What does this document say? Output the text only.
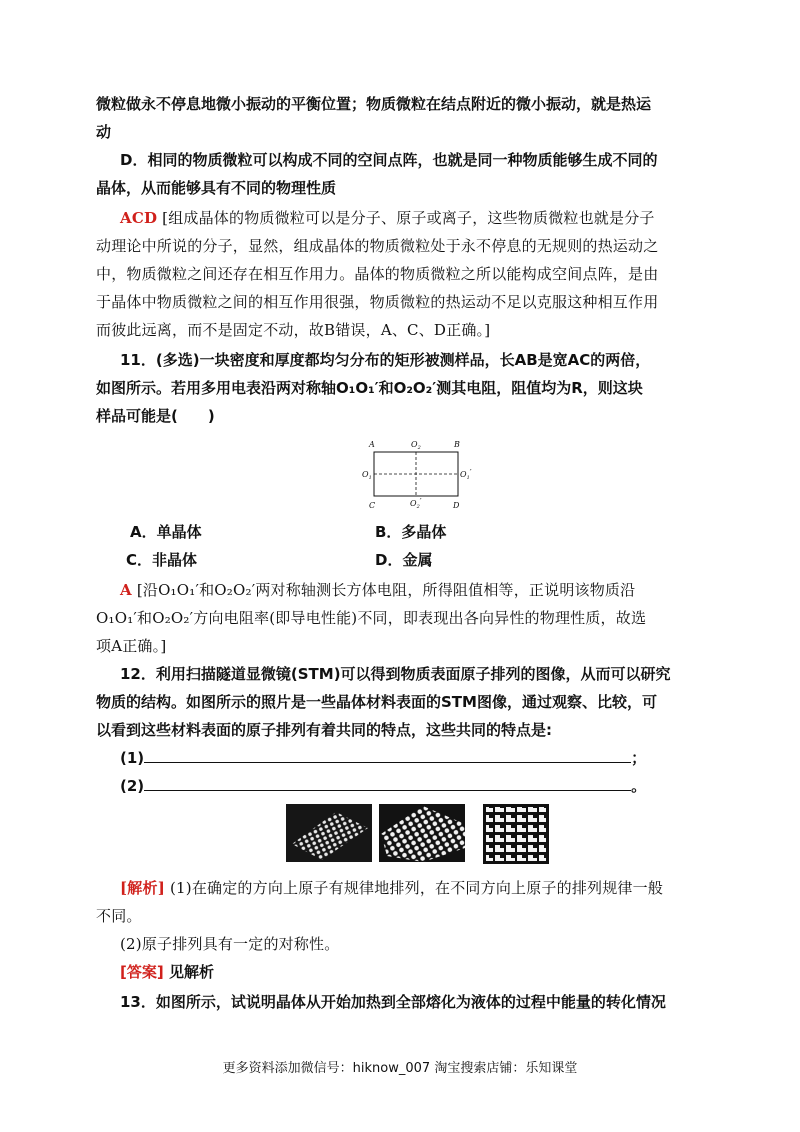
微粒做永不停息地微小振动的平衡位置；物质微粒在结点附近的微小振动，就是热运
动
D．相同的物质微粒可以构成不同的空间点阵，也就是同一种物质能够生成不同的
晶体，从而能够具有不同的物理性质
ACD [组成晶体的物质微粒可以是分子、原子或离子，这些物质微粒也就是分子
动理论中所说的分子，显然，组成晶体的物质微粒处于永不停息的无规则的热运动之
中，物质微粒之间还存在相互作用力。晶体的物质微粒之所以能构成空间点阵，是由
于晶体中物质微粒之间的相互作用很强，物质微粒的热运动不足以克服这种相互作用
而彼此远离，而不是固定不动，故B错误，A、C、D正确。]
11．(多选)一块密度和厚度都均匀分布的矩形被测样品，长AB是宽AC的两倍，
如图所示。若用多用电表沿两对称轴O₁O₁′和O₂O₂′测其电阻，阻值均为R，则这块
样品可能是(　　)
A	$O_2$	B
$O_1$	$O_1'$
C	$O_2'$	D
A．单晶体	B．多晶体
C．非晶体	D．金属
A [沿O₁O₁′和O₂O₂′两对称轴测长方体电阻，所得阻值相等，正说明该物质沿
O₁O₁′和O₂O₂′方向电阻率(即导电性能)不同，即表现出各向异性的物理性质，故选
项A正确。]
12．利用扫描隧道显微镜(STM)可以得到物质表面原子排列的图像，从而可以研究
物质的结构。如图所示的照片是一些晶体材料表面的STM图像，通过观察、比较，可
以看到这些材料表面的原子排列有着共同的特点，这些共同的特点是:
(1)	；
(2)	。
[解析] (1)在确定的方向上原子有规律地排列，在不同方向上原子的排列规律一般
不同。
(2)原子排列具有一定的对称性。
[答案] 见解析
13．如图所示，试说明晶体从开始加热到全部熔化为液体的过程中能量的转化情况
更多资料添加微信号：hiknow_007 淘宝搜索店铺：乐知课堂
